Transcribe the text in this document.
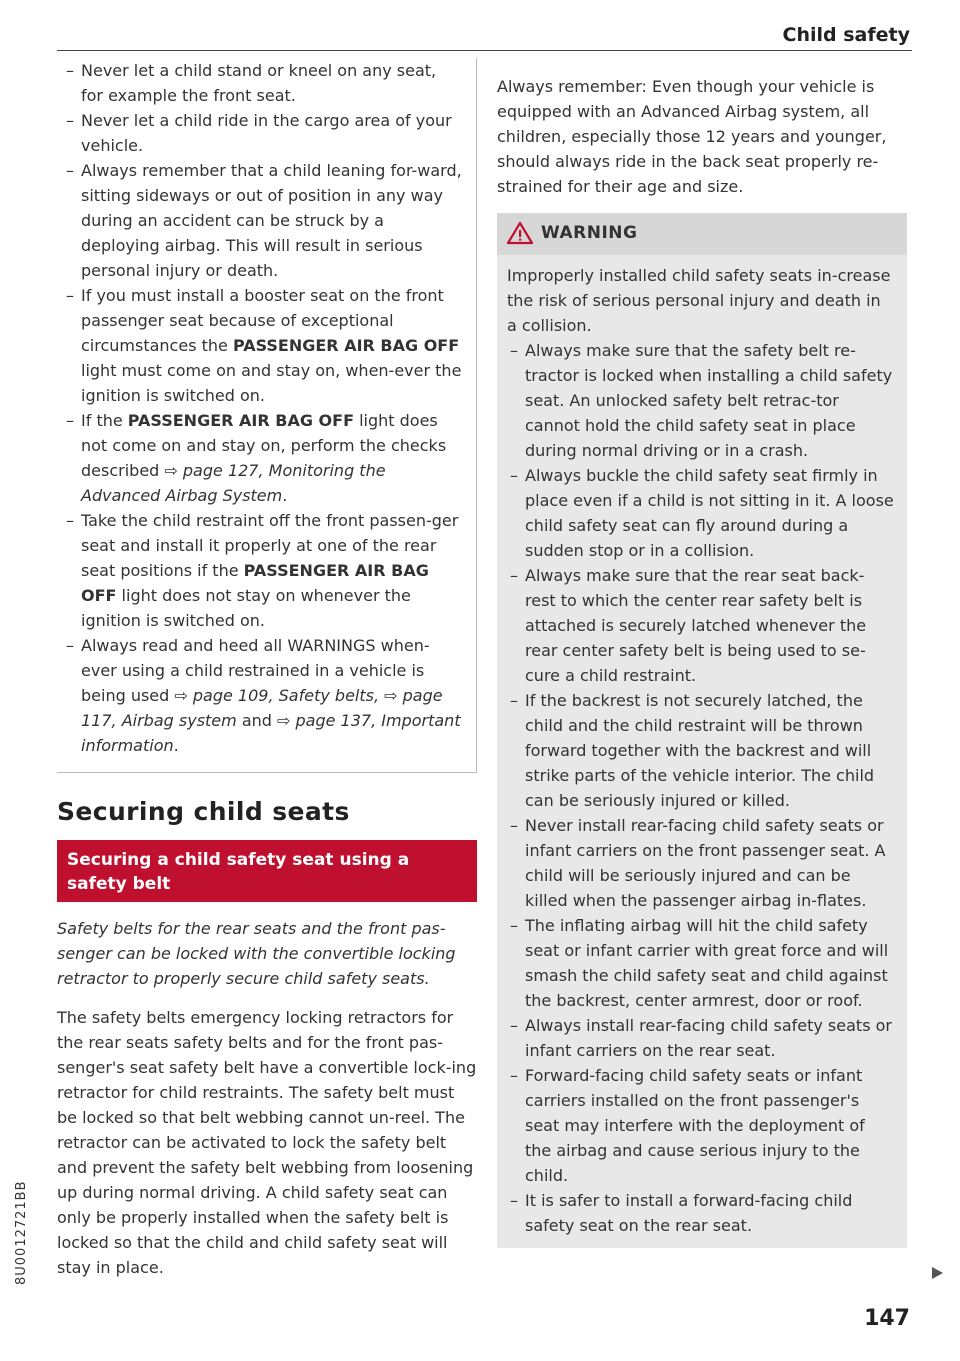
Child safety
8U0012721BB
– Never let a child stand or kneel on any seat, for example the front seat.
– Never let a child ride in the cargo area of your vehicle.
– Always remember that a child leaning for-ward, sitting sideways or out of position in any way during an accident can be struck by a deploying airbag. This will result in serious personal injury or death.
– If you must install a booster seat on the front passenger seat because of exceptional circumstances the PASSENGER AIR BAG OFF light must come on and stay on, when-ever the ignition is switched on.
– If the PASSENGER AIR BAG OFF light does not come on and stay on, perform the checks described ⇨ page 127, Monitoring the Advanced Airbag System.
– Take the child restraint off the front passen-ger seat and install it properly at one of the rear seat positions if the PASSENGER AIR BAG OFF light does not stay on whenever the ignition is switched on.
– Always read and heed all WARNINGS when-ever using a child restrained in a vehicle is being used ⇨ page 109, Safety belts, ⇨ page 117, Airbag system and ⇨ page 137, Important information.
Securing child seats
Securing a child safety seat using a safety belt

Safety belts for the rear seats and the front pas-senger can be locked with the convertible locking retractor to properly secure child safety seats.

The safety belts emergency locking retractors for the rear seats safety belts and for the front pas-senger's seat safety belt have a convertible lock-ing retractor for child restraints. The safety belt must be locked so that belt webbing cannot un-reel. The retractor can be activated to lock the safety belt and prevent the safety belt webbing from loosening up during normal driving. A child safety seat can only be properly installed when the safety belt is locked so that the child and child safety seat will stay in place.

Always remember: Even though your vehicle is equipped with an Advanced Airbag system, all children, especially those 12 years and younger, should always ride in the back seat properly re-strained for their age and size.

WARNING

Improperly installed child safety seats in-crease the risk of serious personal injury and death in a collision.

– Always make sure that the safety belt re-tractor is locked when installing a child safety seat. An unlocked safety belt retrac-tor cannot hold the child safety seat in place during normal driving or in a crash.
– Always buckle the child safety seat firmly in place even if a child is not sitting in it. A loose child safety seat can fly around during a sudden stop or in a collision.
– Always make sure that the rear seat back-rest to which the center rear safety belt is attached is securely latched whenever the rear center safety belt is being used to se-cure a child restraint.
– If the backrest is not securely latched, the child and the child restraint will be thrown forward together with the backrest and will strike parts of the vehicle interior. The child can be seriously injured or killed.
– Never install rear-facing child safety seats or infant carriers on the front passenger seat. A child will be seriously injured and can be killed when the passenger airbag in-flates.
– The inflating airbag will hit the child safety seat or infant carrier with great force and will smash the child safety seat and child against the backrest, center armrest, door or roof.
– Always install rear-facing child safety seats or infant carriers on the rear seat.
– Forward-facing child safety seats or infant carriers installed on the front passenger's seat may interfere with the deployment of the airbag and cause serious injury to the child.
– It is safer to install a forward-facing child safety seat on the rear seat.
147
